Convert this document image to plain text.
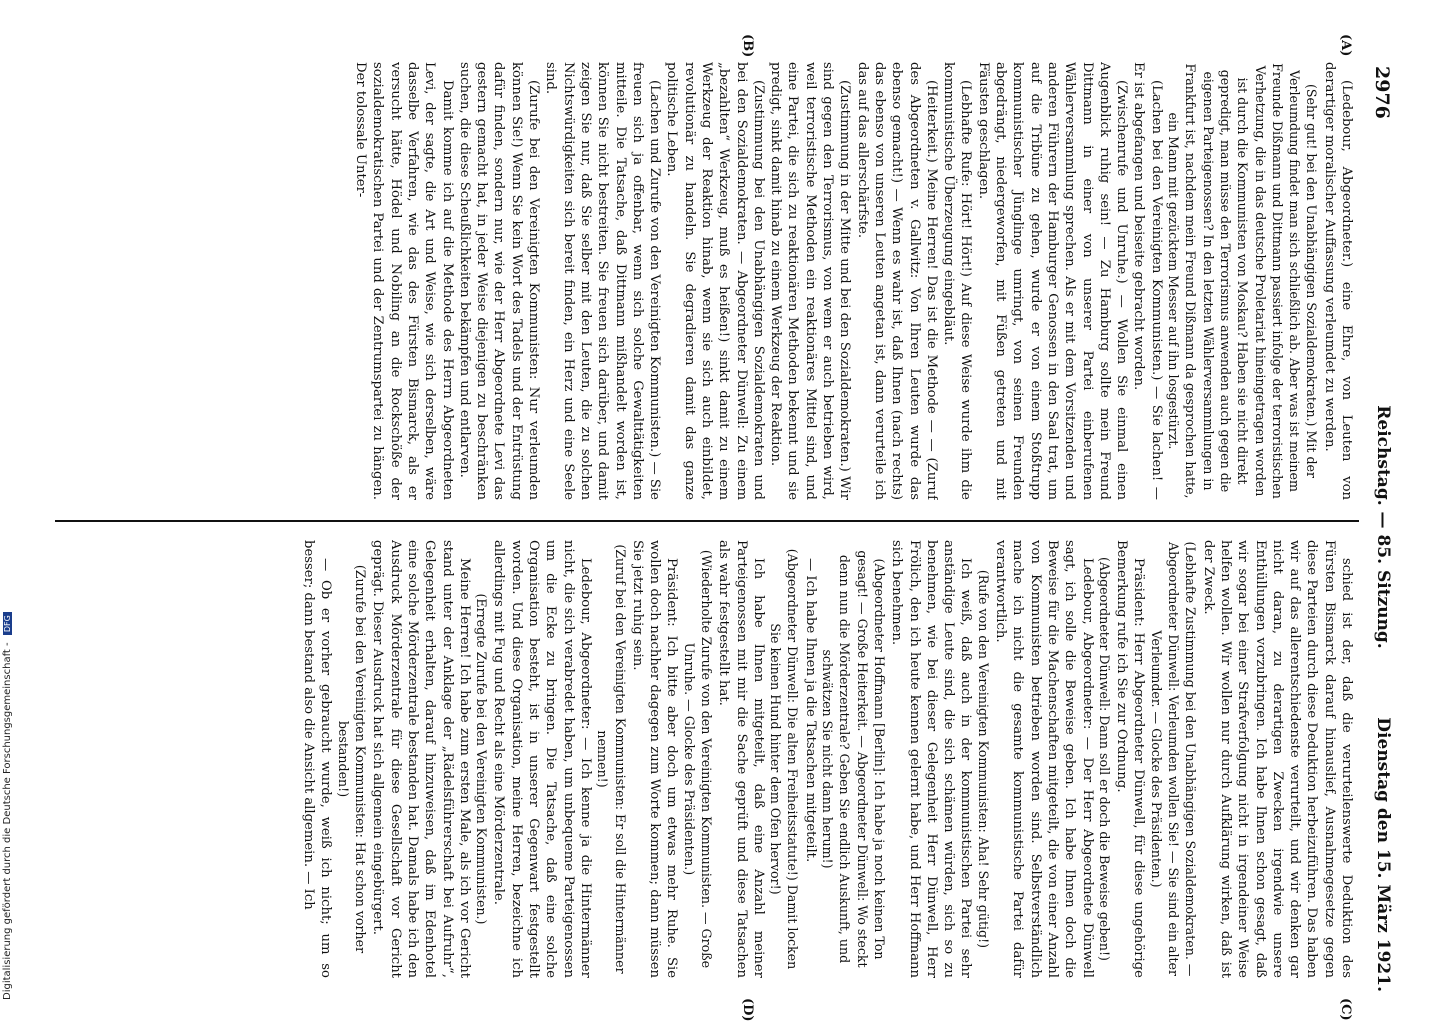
2976
Reichstag. — 85. Sitzung.
Dienstag den 15. März 1921.
(A)
(B)
(C)
(D)

(Ledebour, Abgeordneter.) eine Ehre, von Leuten von derartiger moralischer Auffassung verleumdet zu werden.

(Sehr gut! bei den Unabhängigen Sozialdemokraten.) Mit der Verleumdung findet man sich schließlich ab. Aber was ist meinem Freunde Dißmann und Dittmann passiert infolge der terroristischen Verhetzung, die in das deutsche Proletariat hineingetragen worden ist durch die Kommunisten von Moskau? Haben sie nicht direkt gepredigt, man müsse den Terrorismus anwenden auch gegen die eigenen Parteigenossen? In den letzten Wählerversammlungen in Frankfurt ist, nachdem mein Freund Dißmann da gesprochen hatte, ein Mann mit gezücktem Messer auf ihn losgestürzt.

(Lachen bei den Vereinigten Kommunisten.) — Sie lachen! — Er ist abgefangen und beiseite gebracht worden.

(Zwischenrufe und Unruhe.) — Wollen Sie einmal einen Augenblick ruhig sein! — Zu Hamburg sollte mein Freund Dittmann in einer von unserer Partei einberufenen Wählerversammlung sprechen. Als er mit dem Vorsitzenden und anderen Führern der Hamburger Genossen in den Saal trat, um auf die Tribüne zu gehen, wurde er von einem Stoßtrupp kommunistischer Jünglinge umringt, von seinen Freunden abgedrängt, niedergeworfen, mit Füßen getreten und mit Fäusten geschlagen.

(Lebhafte Rufe: Hört! Hört!) Auf diese Weise wurde ihm die kommunistische Überzeugung eingebläut.

(Heiterkeit.) Meine Herren! Das ist die Methode — — (Zuruf des Abgeordneten v. Gallwitz: Von Ihren Leuten wurde das ebenso gemacht!) — Wenn es wahr ist, daß Ihnen (nach rechts) das ebenso von unseren Leuten angetan ist, dann verurteile ich das auf das allerschärfste.

(Zustimmung in der Mitte und bei den Sozialdemokraten.) Wir sind gegen den Terrorismus, von wem er auch betrieben wird, weil terroristische Methoden ein reaktionäres Mittel sind, und eine Partei, die sich zu reaktionären Methoden bekennt und sie predigt, sinkt damit hinab zu einem Werkzeug der Reaktion.

(Zustimmung bei den Unabhängigen Sozialdemokraten und bei den Sozialdemokraten. — Abgeordneter Dünwell: Zu einem „bezahlten“ Werkzeug, muß es heißen!) sinkt damit zu einem Werkzeug der Reaktion hinab, wenn sie sich auch einbildet, revolutionär zu handeln. Sie degradieren damit das ganze politische Leben.

(Lachen und Zurufe von den Vereinigten Kommunisten.) — Sie freuen sich ja offenbar, wenn sich solche Gewalttätigkeiten mitteile. Die Tatsache, daß Dittmann mißhandelt worden ist, können Sie nicht bestreiten. Sie freuen sich darüber, und damit zeigen Sie nur, daß Sie selber mit den Leuten, die zu solchen Nichtswürdigkeiten sich bereit finden, ein Herz und eine Seele sind.

(Zurufe bei den Vereinigten Kommunisten: Nur verleumden können Sie!) Wenn Sie kein Wort des Tadels und der Entrüstung dafür finden, sondern nur, wie der Herr Abgeordnete Levi das gestern gemacht hat, in jeder Weise diejenigen zu beschränken suchen, die diese Scheußlichkeiten bekämpfen und entlarven.

Damit komme ich auf die Methode des Herrn Abgeordneten Levi, der sagte, die Art und Weise, wie sich derselben, wäre dasselbe Verfahren, wie das des Fürsten Bismarck, als er versucht hätte, Hödel und Nobiling an die Rockschöße der sozialdemokratischen Partei und der Zentrumspartei zu hängen. Der tolossale Unter-

schied ist der, daß die verurteilenswerte Deduktion des Fürsten Bismarck darauf hinauslief, Ausnahmegesetze gegen diese Parteien durch diese Deduktion herbeizuführen. Das haben wir auf das allerentschiedenste verurteilt, und wir denken gar nicht daran, zu derartigen Zwecken irgendwie unsere Enthüllungen vorzubringen. Ich habe Ihnen schon gesagt, daß wir sogar bei einer Strafverfolgung nicht in irgendeiner Weise helfen wollen. Wir wollen nur durch Aufklärung wirken, daß ist der Zweck.

(Lebhafte Zustimmung bei den Unabhängigen Sozialdemokraten. — Abgeordneter Dünwell: Verleumden wollen Sie! — Sie sind ein alter Verleumder. — Glocke des Präsidenten.)

Präsident: Herr Abgeordneter Dünwell, für diese ungehörige Bemerkung rufe ich Sie zur Ordnung.

(Abgeordneter Dünwell: Dann soll er doch die Beweise geben!)

Ledebour, Abgeordneter: — Der Herr Abgeordnete Dünwell sagt, ich solle die Beweise geben. Ich habe Ihnen doch die Beweise für die Machenschaften mitgeteilt, die von einer Anzahl von Kommunisten betrieben worden sind. Selbstverständlich mache ich nicht die gesamte kommunistische Partei dafür verantwortlich.

(Rufe von den Vereinigten Kommunisten: Aha! Sehr gütig!)

Ich weiß, daß auch in der kommunistischen Partei sehr anständige Leute sind, die sich schämen würden, sich so zu benehmen, wie bei dieser Gelegenheit Herr Dünwell, Herr Frölich, den ich heute kennen gelernt habe, und Herr Hoffmann sich benehmen.

(Abgeordneter Hoffmann [Berlin]: Ich habe ja noch keinen Ton gesagt! — Große Heiterkeit. — Abgeordneter Dünwell: Wo steckt denn nun die Mörderzentrale? Geben Sie endlich Auskunft, und schwätzen Sie nicht dann herum!)

— Ich habe Ihnen ja die Tatsachen mitgeteilt.

(Abgeordneter Dünwell: Die alten Freiheitsstatute!) Damit locken Sie keinen Hund hinter dem Ofen hervor!)

Ich habe Ihnen mitgeteilt, daß eine Anzahl meiner Parteigenossen mit mir die Sache geprüft und diese Tatsachen als wahr festgestellt hat.

(Wiederholte Zurufe von den Vereinigten Kommunisten. — Große Unruhe. — Glocke des Präsidenten.)

Präsident: Ich bitte aber doch um etwas mehr Ruhe. Sie wollen doch nachher dagegen zum Worte kommen; dann müssen Sie jetzt ruhig sein.

(Zuruf bei den Vereinigten Kommunisten: Er soll die Hintermänner nennen!)

Ledebour, Abgeordneter: — Ich kenne ja die Hintermänner nicht, die sich verabredet haben, um unbequeme Parteigenossen um die Ecke zu bringen. Die Tatsache, daß eine solche Organisation besteht, ist in unserer Gegenwart festgestellt worden. Und diese Organisation, meine Herren, bezeichne ich allerdings mit Fug und Recht als eine Mörderzentrale.

(Erregte Zurufe bei den Vereinigten Kommunisten.)

Meine Herren! Ich habe zum ersten Male, als ich vor Gericht stand unter der Anklage der „Rädelsführerschaft bei Aufruhr“, Gelegenheit erhalten, darauf hinzuweisen, daß im Edenhotel eine solche Mörderzentrale bestanden hat. Damals habe ich den Ausdruck Mörderzentrale für diese Gesellschaft vor Gericht geprägt. Dieser Ausdruck hat sich allgemein eingebürgert.

(Zurufe bei den Vereinigten Kommunisten: Hat schon vorher bestanden!)

— Ob er vorher gebraucht wurde, weiß ich nicht; um so besser; dann bestand also die Ansicht allgemein. — Ich

Digitalisierung gefördert durch die Deutsche Forschungsgemeinschaft - DFG
